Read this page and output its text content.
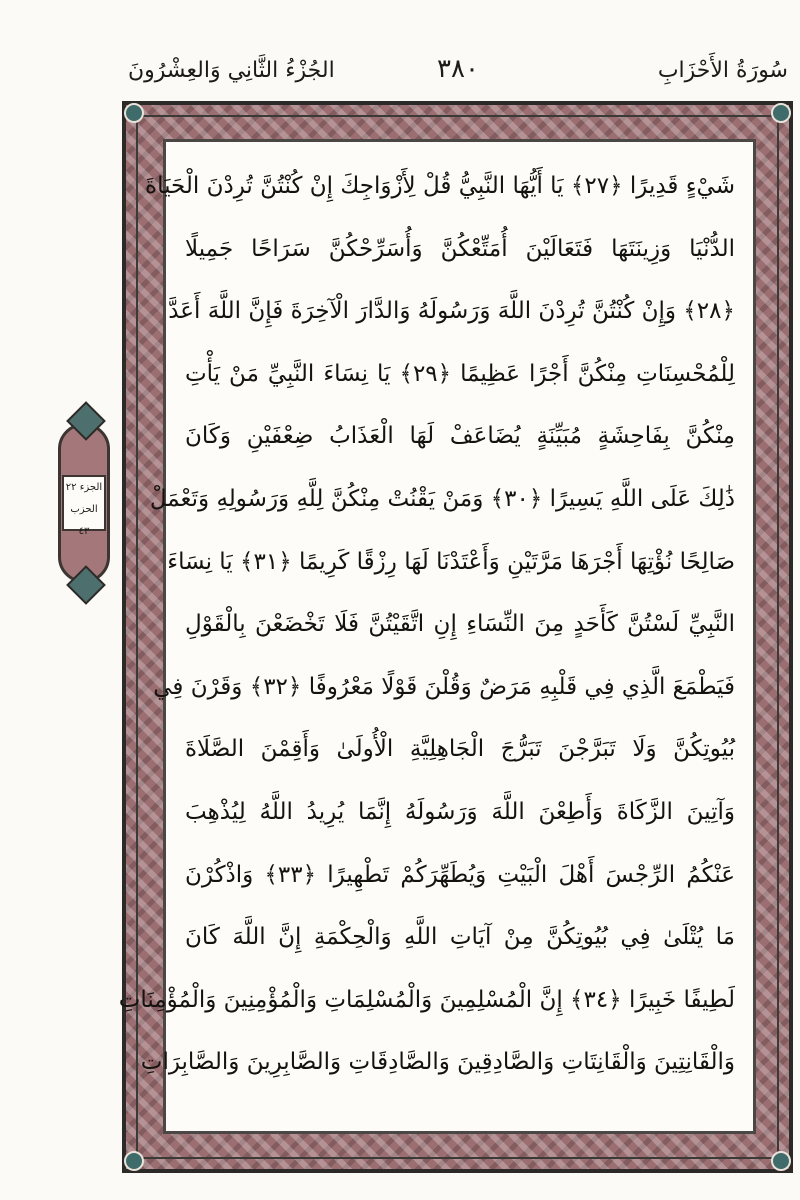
سُورَةُ الأَحْزَابِ
٣٨٠
الجُزْءُ الثَّانِي وَالعِشْرُونَ
شَيْءٍ قَدِيرًا ﴿٢٧﴾ يَا أَيُّهَا النَّبِيُّ قُلْ لِأَزْوَاجِكَ إِنْ كُنْتُنَّ تُرِدْنَ الْحَيَاةَ
الدُّنْيَا وَزِينَتَهَا فَتَعَالَيْنَ أُمَتِّعْكُنَّ وَأُسَرِّحْكُنَّ سَرَاحًا جَمِيلًا
﴿٢٨﴾ وَإِنْ كُنْتُنَّ تُرِدْنَ اللَّهَ وَرَسُولَهُ وَالدَّارَ الْآخِرَةَ فَإِنَّ اللَّهَ أَعَدَّ
لِلْمُحْسِنَاتِ مِنْكُنَّ أَجْرًا عَظِيمًا ﴿٢٩﴾ يَا نِسَاءَ النَّبِيِّ مَنْ يَأْتِ
مِنْكُنَّ بِفَاحِشَةٍ مُبَيِّنَةٍ يُضَاعَفْ لَهَا الْعَذَابُ ضِعْفَيْنِ وَكَانَ
ذَٰلِكَ عَلَى اللَّهِ يَسِيرًا ﴿٣٠﴾ وَمَنْ يَقْنُتْ مِنْكُنَّ لِلَّهِ وَرَسُولِهِ وَتَعْمَلْ
صَالِحًا نُؤْتِهَا أَجْرَهَا مَرَّتَيْنِ وَأَعْتَدْنَا لَهَا رِزْقًا كَرِيمًا ﴿٣١﴾ يَا نِسَاءَ
النَّبِيِّ لَسْتُنَّ كَأَحَدٍ مِنَ النِّسَاءِ إِنِ اتَّقَيْتُنَّ فَلَا تَخْضَعْنَ بِالْقَوْلِ
فَيَطْمَعَ الَّذِي فِي قَلْبِهِ مَرَضٌ وَقُلْنَ قَوْلًا مَعْرُوفًا ﴿٣٢﴾ وَقَرْنَ فِي
بُيُوتِكُنَّ وَلَا تَبَرَّجْنَ تَبَرُّجَ الْجَاهِلِيَّةِ الْأُولَىٰ وَأَقِمْنَ الصَّلَاةَ
وَآتِينَ الزَّكَاةَ وَأَطِعْنَ اللَّهَ وَرَسُولَهُ إِنَّمَا يُرِيدُ اللَّهُ لِيُذْهِبَ
عَنْكُمُ الرِّجْسَ أَهْلَ الْبَيْتِ وَيُطَهِّرَكُمْ تَطْهِيرًا ﴿٣٣﴾ وَاذْكُرْنَ
مَا يُتْلَىٰ فِي بُيُوتِكُنَّ مِنْ آيَاتِ اللَّهِ وَالْحِكْمَةِ إِنَّ اللَّهَ كَانَ
لَطِيفًا خَبِيرًا ﴿٣٤﴾ إِنَّ الْمُسْلِمِينَ وَالْمُسْلِمَاتِ وَالْمُؤْمِنِينَ وَالْمُؤْمِنَاتِ
وَالْقَانِتِينَ وَالْقَانِتَاتِ وَالصَّادِقِينَ وَالصَّادِقَاتِ وَالصَّابِرِينَ وَالصَّابِرَاتِ
الجزء ٢٢
الحزب ٤٣
